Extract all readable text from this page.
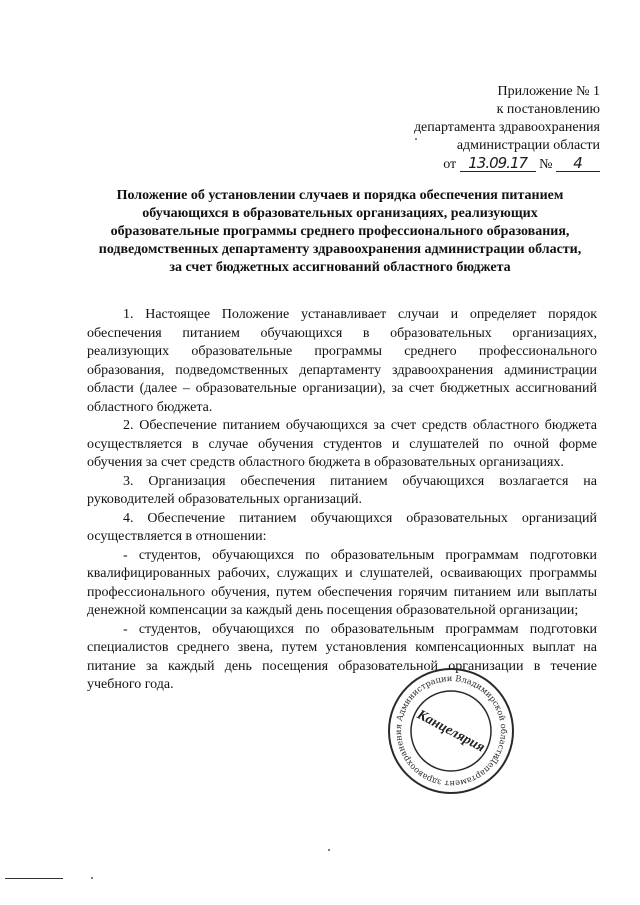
Приложение № 1
к постановлению
департамента здравоохранения
администрации области
от 13.09.17 № 4
Положение об установлении случаев и порядка обеспечения питанием
обучающихся в образовательных организациях, реализующих
образовательные программы среднего профессионального образования,
подведомственных департаменту здравоохранения администрации области,
за счет бюджетных ассигнований областного бюджета

1. Настоящее Положение устанавливает случаи и определяет порядок обеспечения питанием обучающихся в образовательных организациях, реализующих образовательные программы среднего профессионального образования, подведомственных департаменту здравоохранения администрации области (далее – образовательные организации), за счет бюджетных ассигнований областного бюджета.

2. Обеспечение питанием обучающихся за счет средств областного бюджета осуществляется в случае обучения студентов и слушателей по очной форме обучения за счет средств областного бюджета в образовательных организациях.

3. Организация обеспечения питанием обучающихся возлагается на руководителей образовательных организаций.

4. Обеспечение питанием обучающихся образовательных организаций осуществляется в отношении:

- студентов, обучающихся по образовательным программам подготовки квалифицированных рабочих, служащих и слушателей, осваивающих программы профессионального обучения, путем обеспечения горячим питанием или выплаты денежной компенсации за каждый день посещения образовательной организации;

- студентов, обучающихся по образовательным программам подготовки специалистов среднего звена, путем установления компенсационных выплат на питание за каждый день посещения образовательной организации в течение учебного года.

Департамент здравоохранения Администрации Владимирской области
Канцелярия
